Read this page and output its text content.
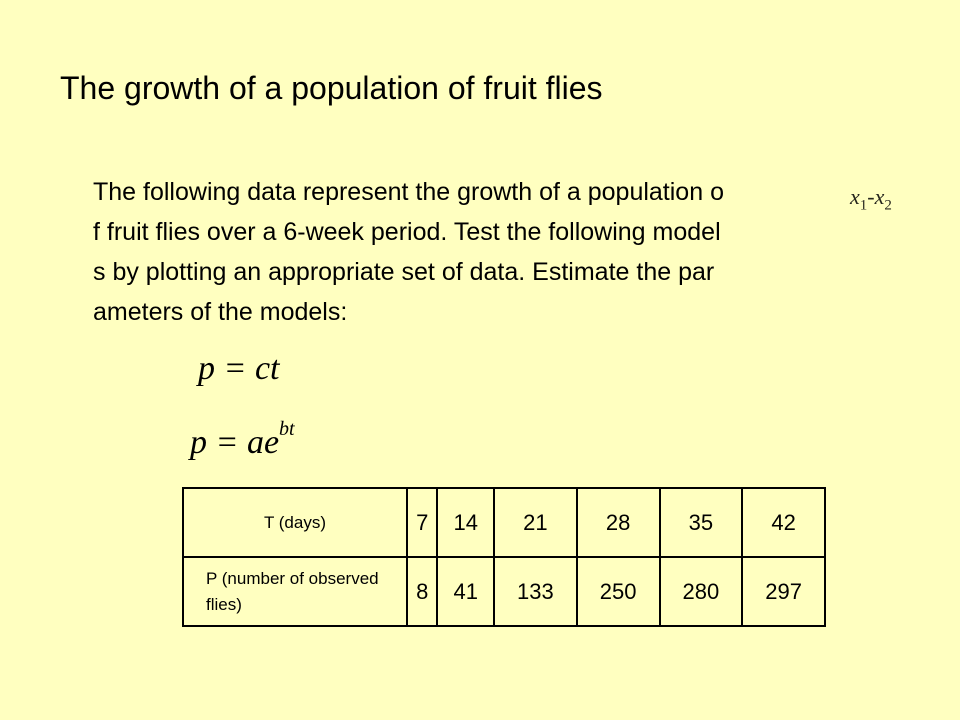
The growth of a population of fruit flies
The following data represent the growth of a population o
f fruit flies over a 6-week period. Test the following model
s by plotting an appropriate set of data. Estimate the par
ameters of the models:
$x_1-x_2$
p = ct
$p = ae^{bt}$
T (days)	7	14	21	28	35	42
P (number of observed flies)	8	41	133	250	280	297
